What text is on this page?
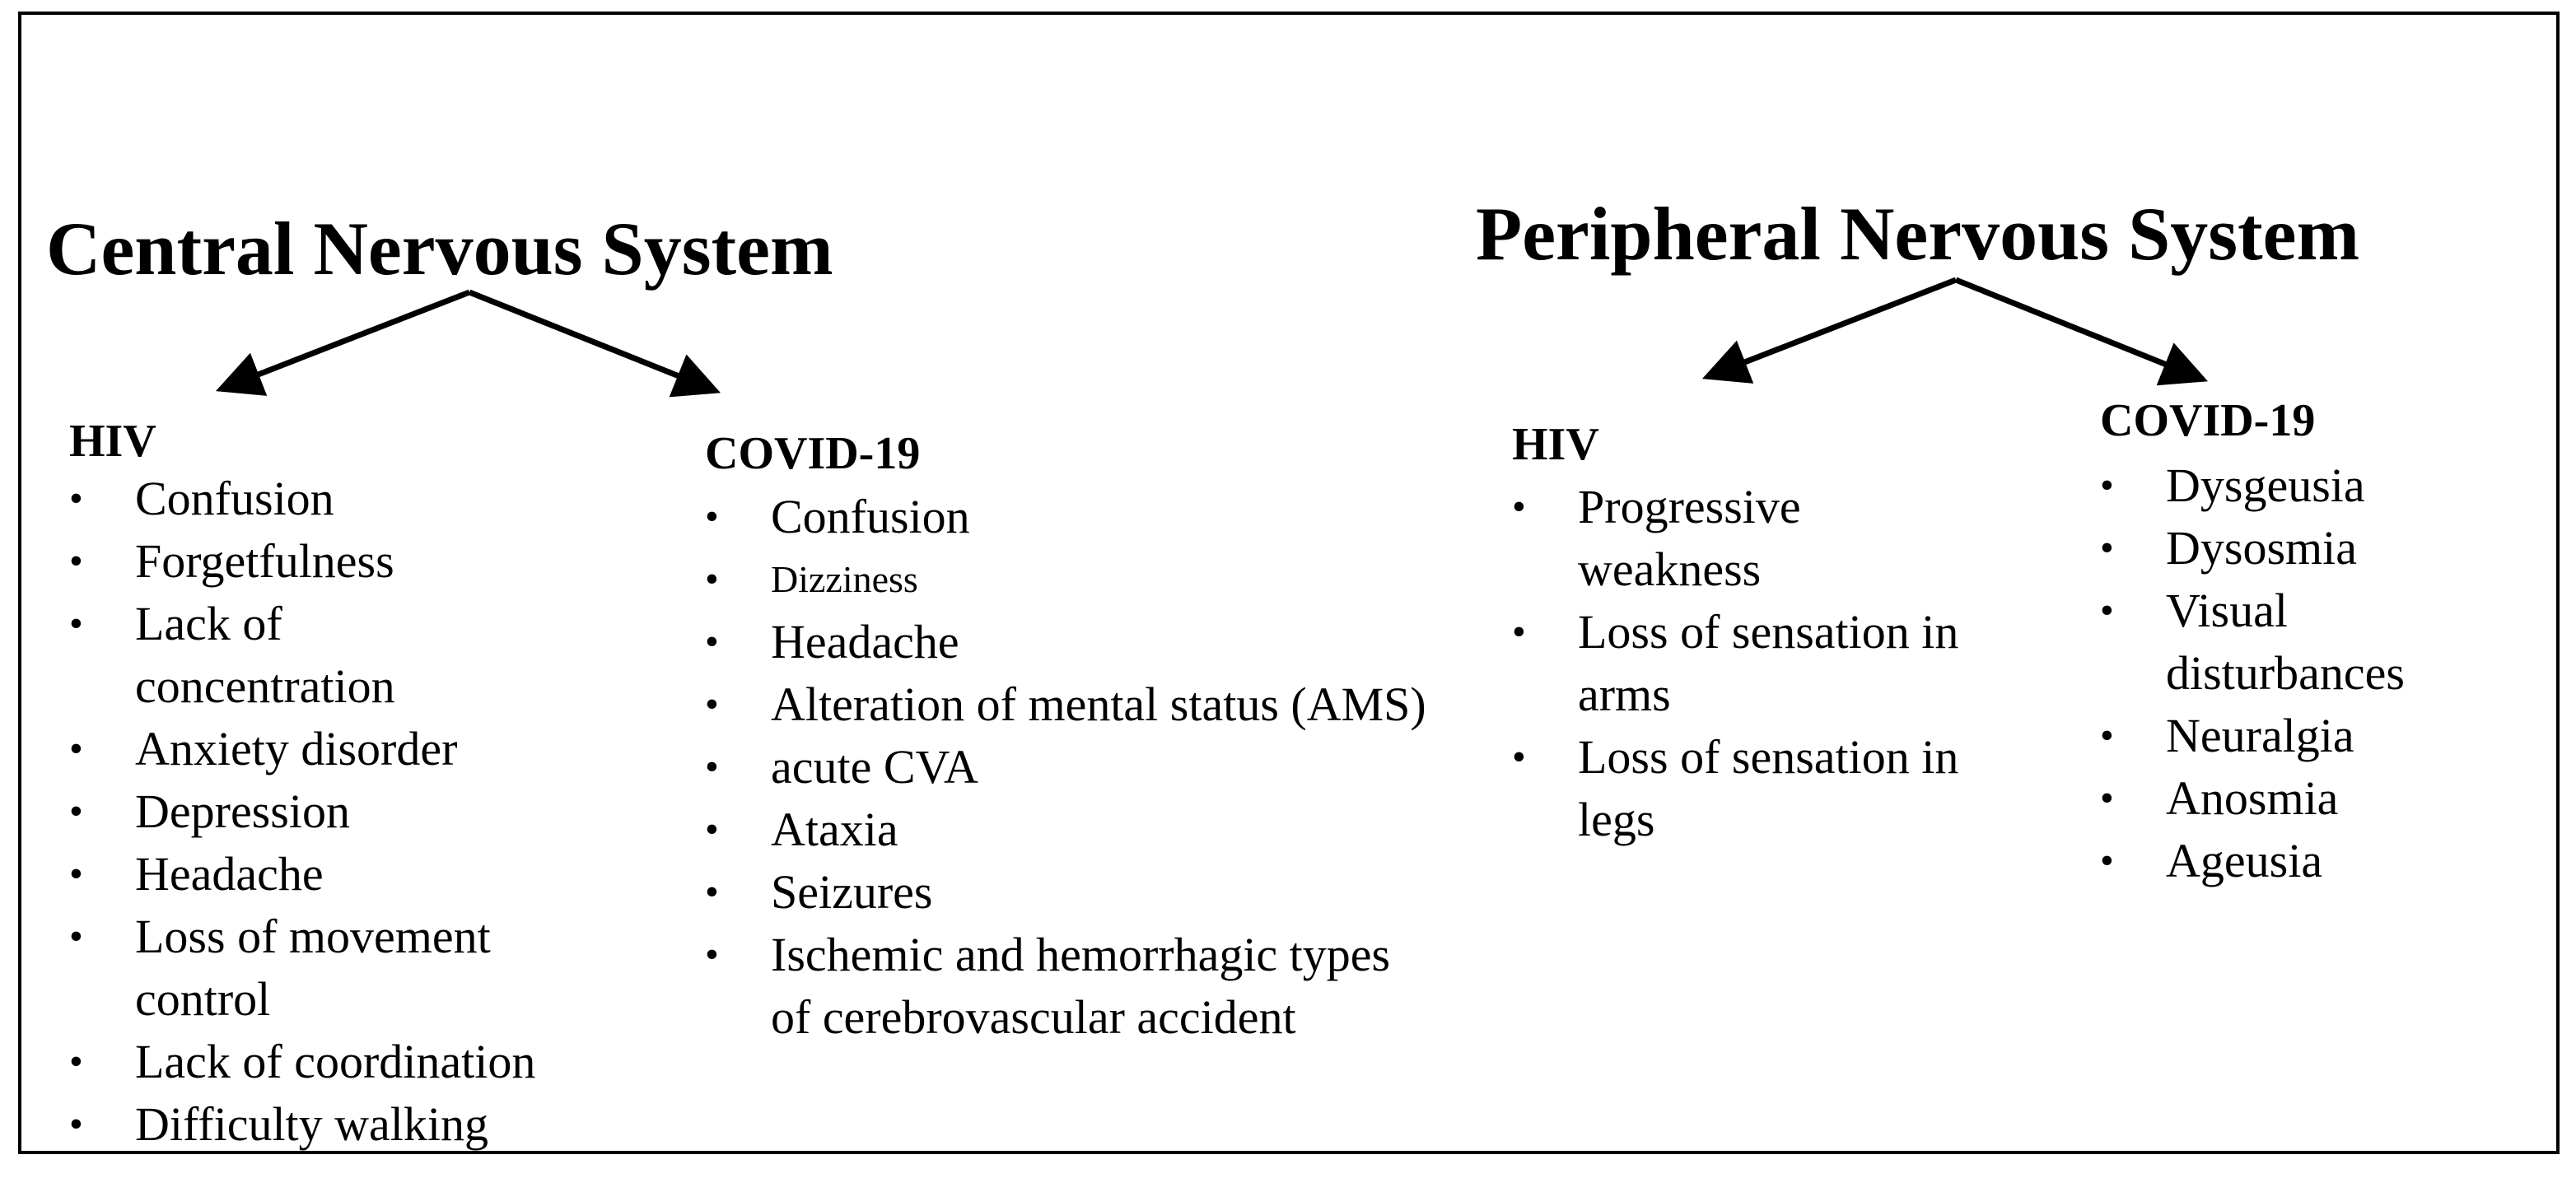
Central Nervous System	Peripheral Nervous System
HIV
• Confusion
• Forgetfulness
• Lack of concentration
• Anxiety disorder
• Depression
• Headache
• Loss of movement control
• Lack of coordination
• Difficulty walking
COVID-19
• Confusion
• Dizziness
• Headache
• Alteration of mental status (AMS)
• acute CVA
• Ataxia
• Seizures
• Ischemic and hemorrhagic types of cerebrovascular accident
HIV
• Progressive weakness
• Loss of sensation in arms
• Loss of sensation in legs
COVID-19
• Dysgeusia
• Dysosmia
• Visual disturbances
• Neuralgia
• Anosmia
• Ageusia
